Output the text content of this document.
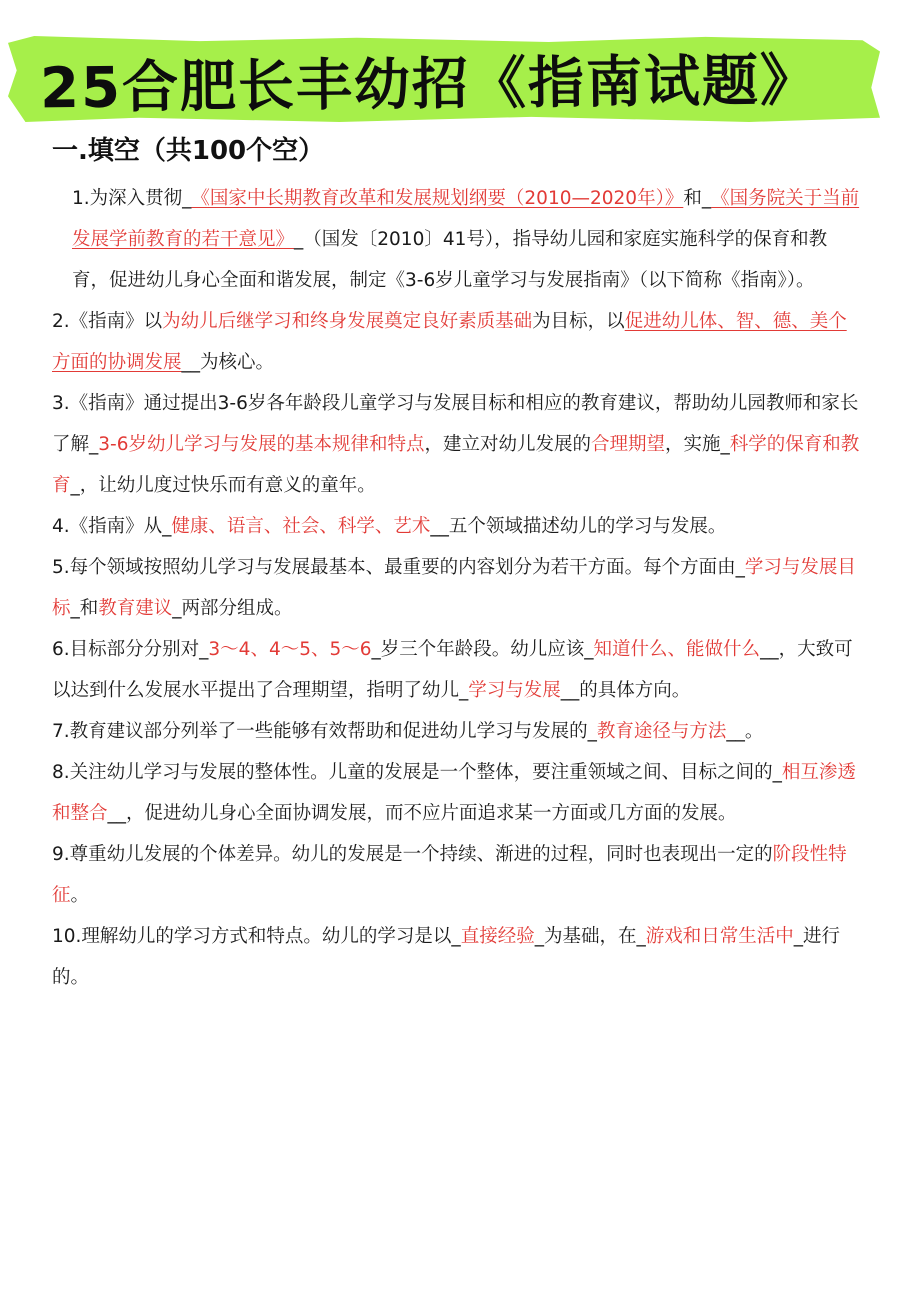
25合肥长丰幼招《指南试题》
一.填空（共100个空）

1.为深入贯彻_《国家中长期教育改革和发展规划纲要（2010—2020年）》和_《国务院关于当前发展学前教育的若干意见》_（国发〔2010〕41号），指导幼儿园和家庭实施科学的保育和教育，促进幼儿身心全面和谐发展，制定《3-6岁儿童学习与发展指南》（以下简称《指南》）。

2.《指南》以为幼儿后继学习和终身发展奠定良好素质基础为目标，以促进幼儿体、智、德、美个方面的协调发展__为核心。

3.《指南》通过提出3-6岁各年龄段儿童学习与发展目标和相应的教育建议，帮助幼儿园教师和家长了解_3-6岁幼儿学习与发展的基本规律和特点，建立对幼儿发展的合理期望，实施_科学的保育和教育_，让幼儿度过快乐而有意义的童年。

4.《指南》从_健康、语言、社会、科学、艺术__五个领域描述幼儿的学习与发展。

5.每个领域按照幼儿学习与发展最基本、最重要的内容划分为若干方面。每个方面由_学习与发展目标_和教育建议_两部分组成。

6.目标部分分别对_3～4、4～5、5～6_岁三个年龄段。幼儿应该_知道什么、能做什么__，大致可以达到什么发展水平提出了合理期望，指明了幼儿_学习与发展__的具体方向。

7.教育建议部分列举了一些能够有效帮助和促进幼儿学习与发展的_教育途径与方法__。

8.关注幼儿学习与发展的整体性。儿童的发展是一个整体，要注重领域之间、目标之间的_相互渗透和整合__，促进幼儿身心全面协调发展，而不应片面追求某一方面或几方面的发展。

9.尊重幼儿发展的个体差异。幼儿的发展是一个持续、渐进的过程，同时也表现出一定的阶段性特征。

10.理解幼儿的学习方式和特点。幼儿的学习是以_直接经验_为基础，在_游戏和日常生活中_进行的。
